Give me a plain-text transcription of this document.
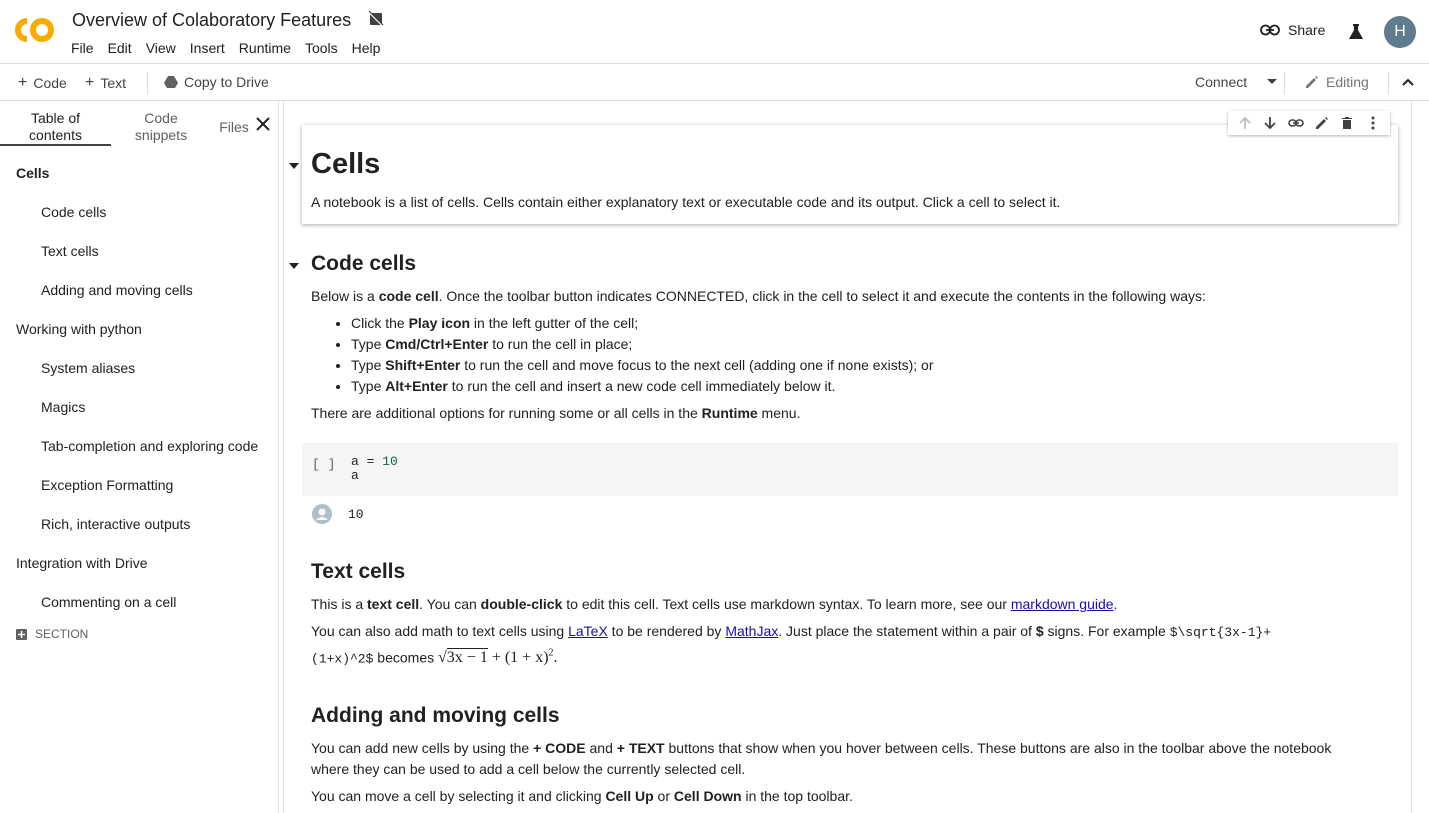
Overview of Colaboratory Features
File	Edit	View	Insert	Runtime	Tools	Help
Share	H
+ Code + Text	Copy to Drive	Connect	Editing
Table of
contents
Code
snippets	Files
Cells
Code cells
Text cells
Adding and moving cells
Working with python
System aliases
Magics
Tab-completion and exploring code
Exception Formatting
Rich, interactive outputs
Integration with Drive
Commenting on a cell
SECTION
Cells
A notebook is a list of cells. Cells contain either explanatory text or executable code and its output. Click a cell to select it.
Code cells
Below is a code cell. Once the toolbar button indicates CONNECTED, click in the cell to select it and execute the contents in the following ways:
• Click the Play icon in the left gutter of the cell;
• Type Cmd/Ctrl+Enter to run the cell in place;
• Type Shift+Enter to run the cell and move focus to the next cell (adding one if none exists); or
• Type Alt+Enter to run the cell and insert a new code cell immediately below it.
There are additional options for running some or all cells in the Runtime menu.
[ ] a = 10
a
10
Text cells
This is a text cell. You can double-click to edit this cell. Text cells use markdown syntax. To learn more, see our markdown guide.
You can also add math to text cells using LaTeX to be rendered by MathJax. Just place the statement within a pair of $ signs. For example $\sqrt{3x-1}+
(1+x)^2$ becomes $√3x - 1 + (1 + x)^2$.
Adding and moving cells
You can add new cells by using the + CODE and + TEXT buttons that show when you hover between cells. These buttons are also in the toolbar above the notebook
where they can be used to add a cell below the currently selected cell.
You can move a cell by selecting it and clicking Cell Up or Cell Down in the top toolbar.
